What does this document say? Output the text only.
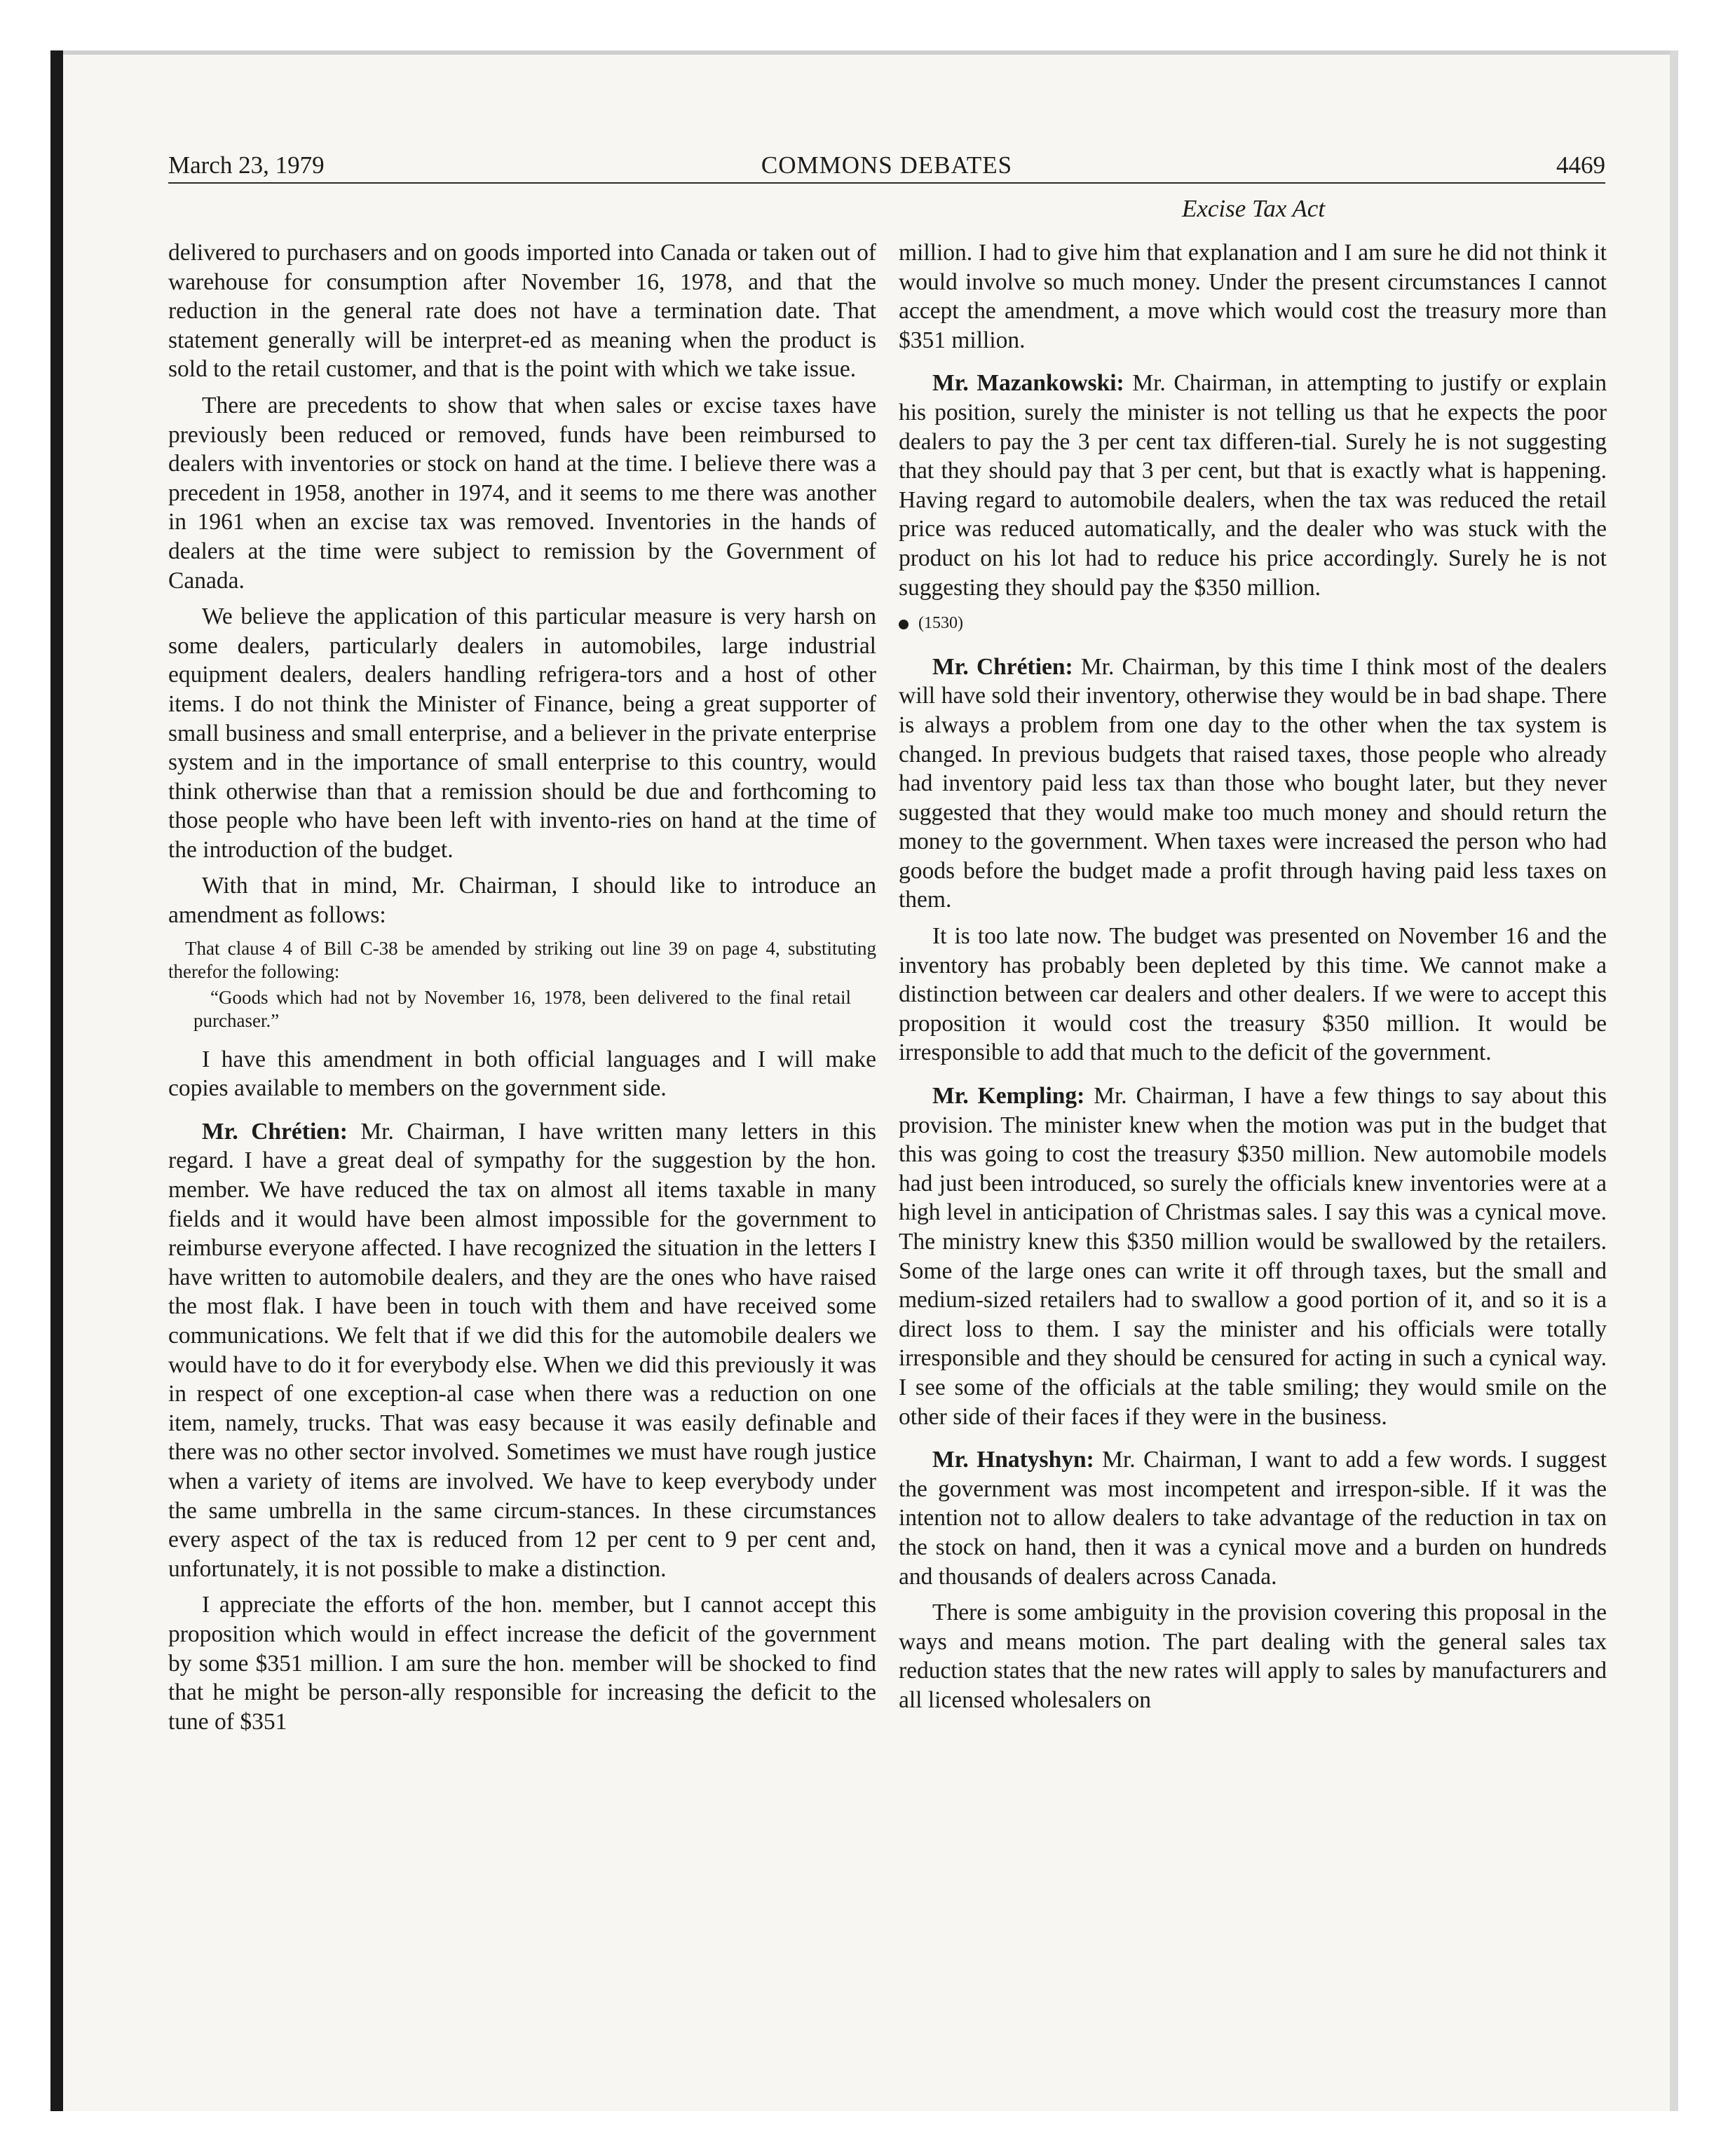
March 23, 1979	COMMONS DEBATES	4469
Excise Tax Act

delivered to purchasers and on goods imported into Canada or taken out of warehouse for consumption after November 16, 1978, and that the reduction in the general rate does not have a termination date. That statement generally will be interpret-ed as meaning when the product is sold to the retail customer, and that is the point with which we take issue.

There are precedents to show that when sales or excise taxes have previously been reduced or removed, funds have been reimbursed to dealers with inventories or stock on hand at the time. I believe there was a precedent in 1958, another in 1974, and it seems to me there was another in 1961 when an excise tax was removed. Inventories in the hands of dealers at the time were subject to remission by the Government of Canada.

We believe the application of this particular measure is very harsh on some dealers, particularly dealers in automobiles, large industrial equipment dealers, dealers handling refrigera-tors and a host of other items. I do not think the Minister of Finance, being a great supporter of small business and small enterprise, and a believer in the private enterprise system and in the importance of small enterprise to this country, would think otherwise than that a remission should be due and forthcoming to those people who have been left with invento-ries on hand at the time of the introduction of the budget.

With that in mind, Mr. Chairman, I should like to introduce an amendment as follows:

That clause 4 of Bill C-38 be amended by striking out line 39 on page 4, substituting therefor the following:

“Goods which had not by November 16, 1978, been delivered to the final retail purchaser.”

I have this amendment in both official languages and I will make copies available to members on the government side.

Mr. Chrétien: Mr. Chairman, I have written many letters in this regard. I have a great deal of sympathy for the suggestion by the hon. member. We have reduced the tax on almost all items taxable in many fields and it would have been almost impossible for the government to reimburse everyone affected. I have recognized the situation in the letters I have written to automobile dealers, and they are the ones who have raised the most flak. I have been in touch with them and have received some communications. We felt that if we did this for the automobile dealers we would have to do it for everybody else. When we did this previously it was in respect of one exception-al case when there was a reduction on one item, namely, trucks. That was easy because it was easily definable and there was no other sector involved. Sometimes we must have rough justice when a variety of items are involved. We have to keep everybody under the same umbrella in the same circum-stances. In these circumstances every aspect of the tax is reduced from 12 per cent to 9 per cent and, unfortunately, it is not possible to make a distinction.

I appreciate the efforts of the hon. member, but I cannot accept this proposition which would in effect increase the deficit of the government by some $351 million. I am sure the hon. member will be shocked to find that he might be person-ally responsible for increasing the deficit to the tune of $351

million. I had to give him that explanation and I am sure he did not think it would involve so much money. Under the present circumstances I cannot accept the amendment, a move which would cost the treasury more than $351 million.

Mr. Mazankowski: Mr. Chairman, in attempting to justify or explain his position, surely the minister is not telling us that he expects the poor dealers to pay the 3 per cent tax differen-tial. Surely he is not suggesting that they should pay that 3 per cent, but that is exactly what is happening. Having regard to automobile dealers, when the tax was reduced the retail price was reduced automatically, and the dealer who was stuck with the product on his lot had to reduce his price accordingly. Surely he is not suggesting they should pay the $350 million.

(1530)

Mr. Chrétien: Mr. Chairman, by this time I think most of the dealers will have sold their inventory, otherwise they would be in bad shape. There is always a problem from one day to the other when the tax system is changed. In previous budgets that raised taxes, those people who already had inventory paid less tax than those who bought later, but they never suggested that they would make too much money and should return the money to the government. When taxes were increased the person who had goods before the budget made a profit through having paid less taxes on them.

It is too late now. The budget was presented on November 16 and the inventory has probably been depleted by this time. We cannot make a distinction between car dealers and other dealers. If we were to accept this proposition it would cost the treasury $350 million. It would be irresponsible to add that much to the deficit of the government.

Mr. Kempling: Mr. Chairman, I have a few things to say about this provision. The minister knew when the motion was put in the budget that this was going to cost the treasury $350 million. New automobile models had just been introduced, so surely the officials knew inventories were at a high level in anticipation of Christmas sales. I say this was a cynical move. The ministry knew this $350 million would be swallowed by the retailers. Some of the large ones can write it off through taxes, but the small and medium-sized retailers had to swallow a good portion of it, and so it is a direct loss to them. I say the minister and his officials were totally irresponsible and they should be censured for acting in such a cynical way. I see some of the officials at the table smiling; they would smile on the other side of their faces if they were in the business.

Mr. Hnatyshyn: Mr. Chairman, I want to add a few words. I suggest the government was most incompetent and irrespon-sible. If it was the intention not to allow dealers to take advantage of the reduction in tax on the stock on hand, then it was a cynical move and a burden on hundreds and thousands of dealers across Canada.

There is some ambiguity in the provision covering this proposal in the ways and means motion. The part dealing with the general sales tax reduction states that the new rates will apply to sales by manufacturers and all licensed wholesalers on
